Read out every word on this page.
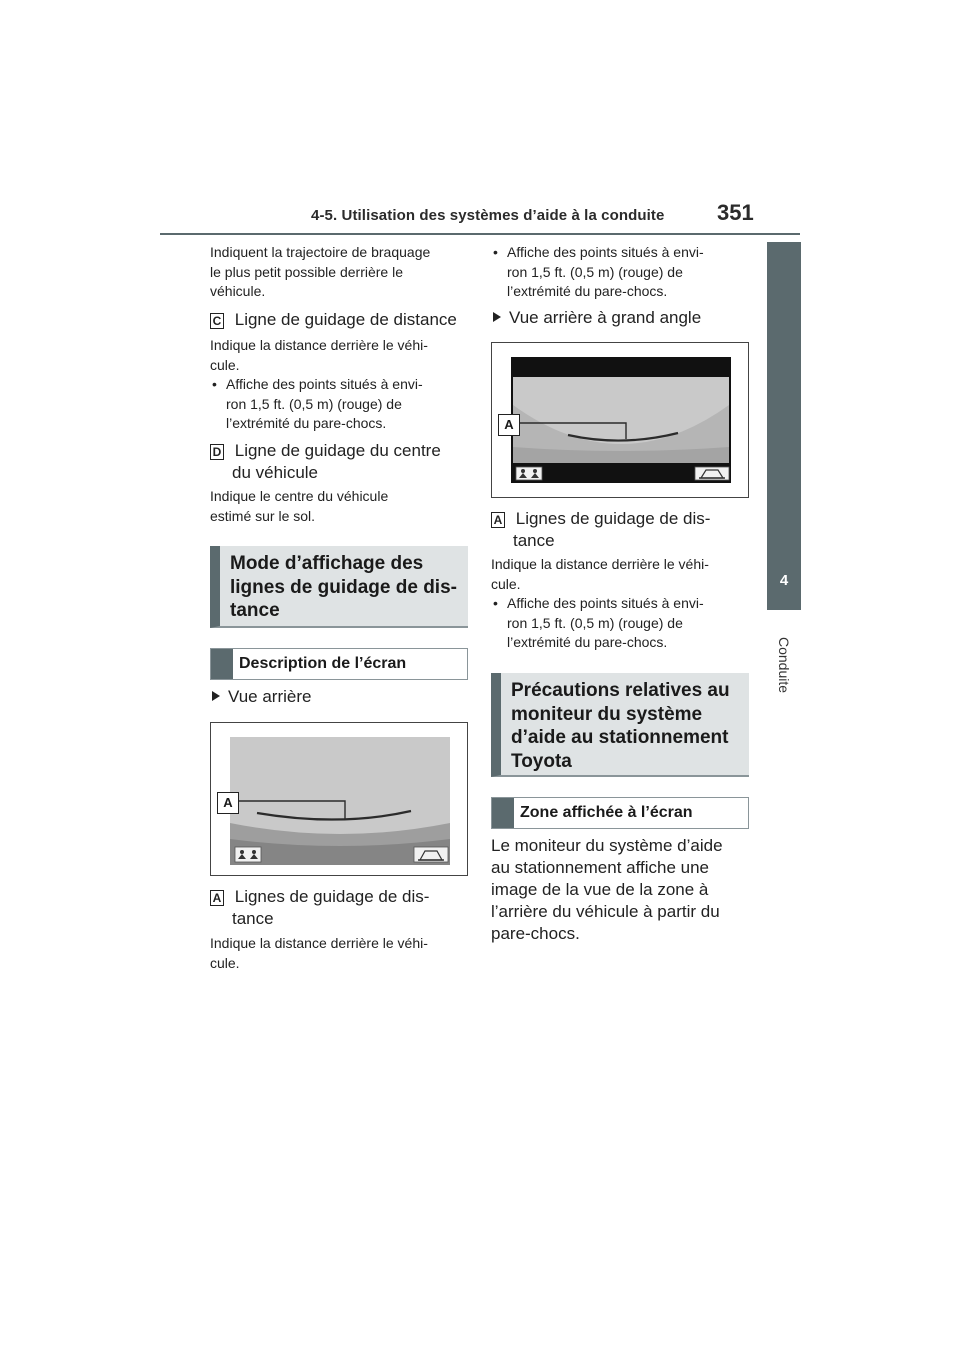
4-5. Utilisation des systèmes d’aide à la conduite 351
4
Conduite
Indiquent la trajectoire de braquage
le plus petit possible derrière le
véhicule.
C Ligne de guidage de distance
Indique la distance derrière le véhi-
cule.
• Affiche des points situés à envi-
ron 1,5 ft. (0,5 m) (rouge) de
l’extrémité du pare-chocs.
D Ligne de guidage du centre
du véhicule
Indique le centre du véhicule
estimé sur le sol.
Mode d’affichage des
lignes de guidage de dis-
tance
Description de l’écran
Vue arrière
A
A Lignes de guidage de dis-
tance
Indique la distance derrière le véhi-
cule.
• Affiche des points situés à envi-
ron 1,5 ft. (0,5 m) (rouge) de
l’extrémité du pare-chocs.
Vue arrière à grand angle
A
A Lignes de guidage de dis-
tance
Indique la distance derrière le véhi-
cule.
• Affiche des points situés à envi-
ron 1,5 ft. (0,5 m) (rouge) de
l’extrémité du pare-chocs.
Précautions relatives au
moniteur du système
d’aide au stationnement
Toyota
Zone affichée à l’écran
Le moniteur du système d’aide
au stationnement affiche une
image de la vue de la zone à
l’arrière du véhicule à partir du
pare-chocs.
